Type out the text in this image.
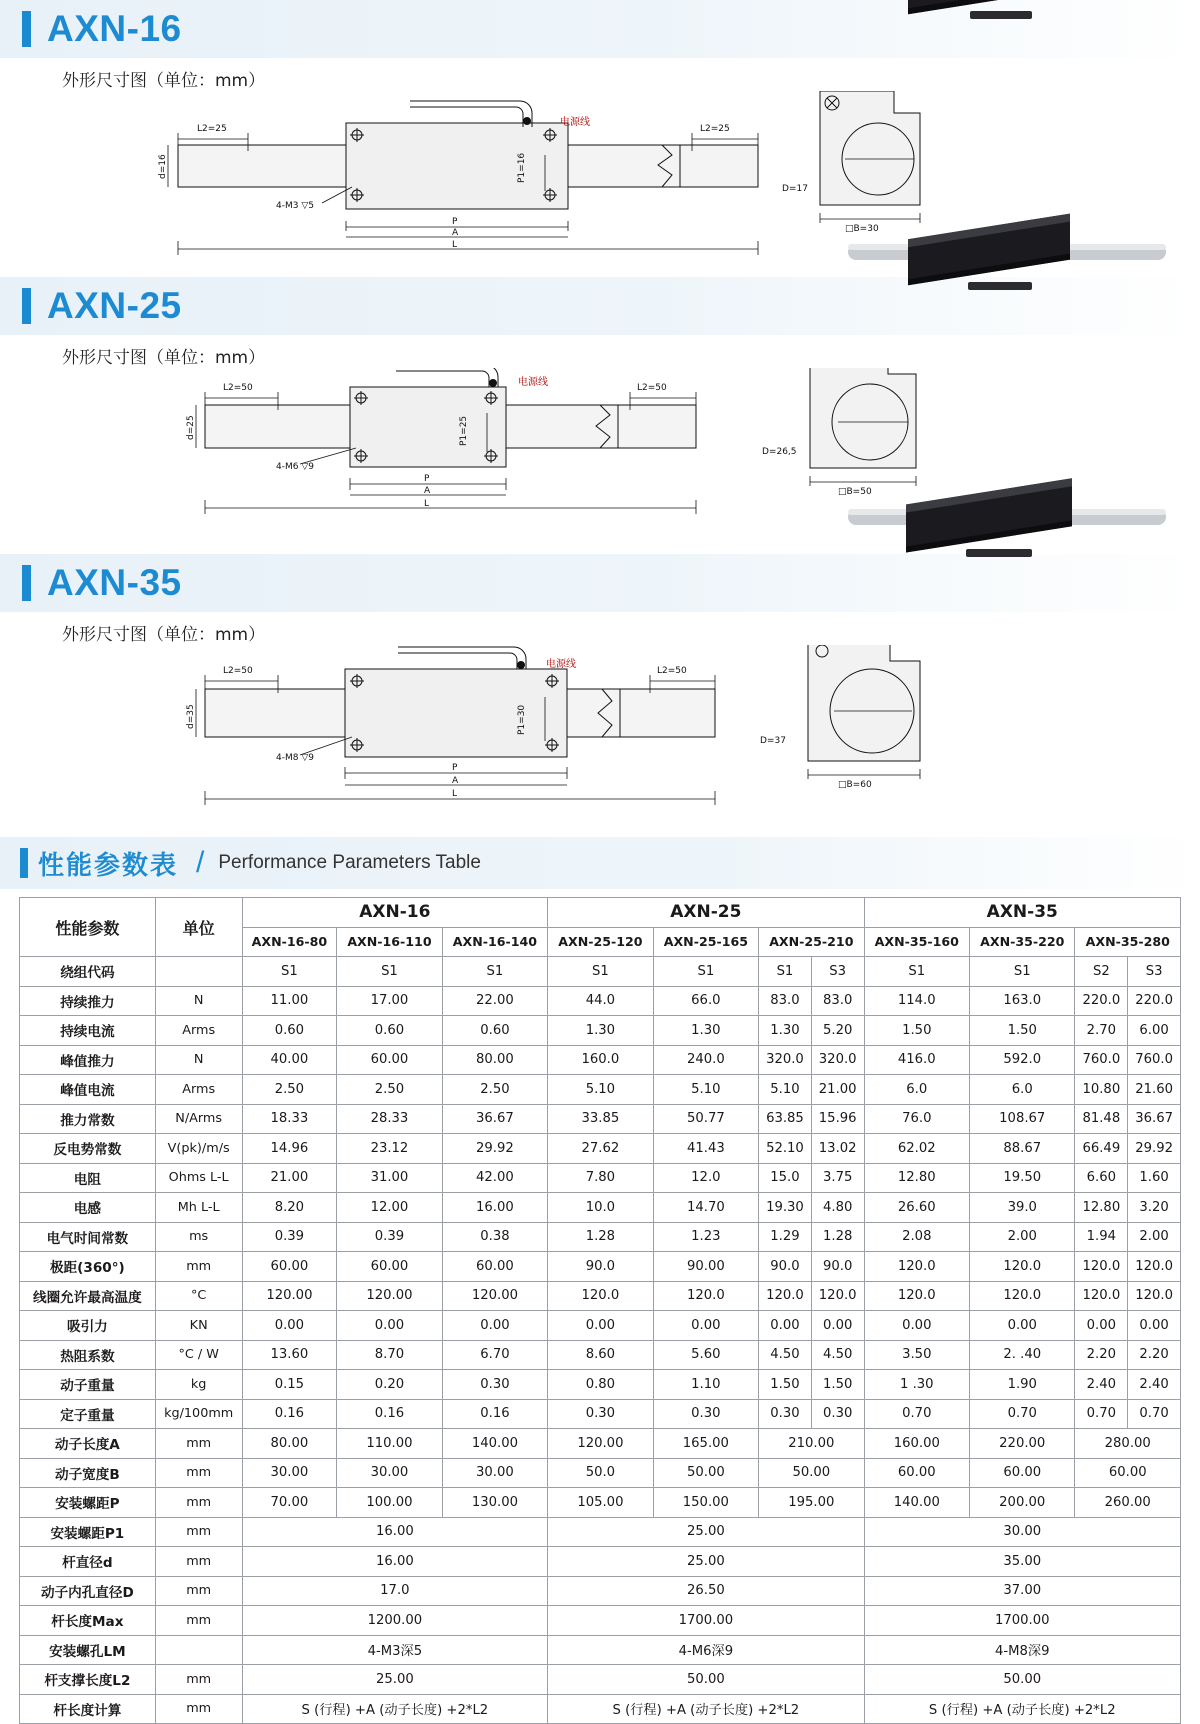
AXN-16
外形尺寸图（单位：mm）
L2=25	L2=25
d=16	P1=16
4-M3 ▽5
P
A
L
电源线
D=17
□B=30
AXN-25
外形尺寸图（单位：mm）
L2=50	L2=50
d=25	P1=25
4-M6 ▽9
P
A
L
电源线
D=26,5
□B=50
AXN-35
外形尺寸图（单位：mm）
L2=50	L2=50
d=35	P1=30
4-M8 ▽9
P
A
L
电源线
D=37
□B=60
性能参数表 / Performance Parameters Table
性能参数	单位	AXN-16			AXN-25				AXN-35			
		AXN-16-80	AXN-16-110	AXN-16-140	AXN-25-120	AXN-25-165	AXN-25-210		AXN-35-160	AXN-35-220	AXN-35-280	
绕组代码		S1	S1	S1	S1	S1	S1	S3	S1	S1	S2	S3
持续推力	N	11.00	17.00	22.00	44.0	66.0	83.0	83.0	114.0	163.0	220.0	220.0
持续电流	Arms	0.60	0.60	0.60	1.30	1.30	1.30	5.20	1.50	1.50	2.70	6.00
峰值推力	N	40.00	60.00	80.00	160.0	240.0	320.0	320.0	416.0	592.0	760.0	760.0
峰值电流	Arms	2.50	2.50	2.50	5.10	5.10	5.10	21.00	6.0	6.0	10.80	21.60
推力常数	N/Arms	18.33	28.33	36.67	33.85	50.77	63.85	15.96	76.0	108.67	81.48	36.67
反电势常数	V(pk)/m/s	14.96	23.12	29.92	27.62	41.43	52.10	13.02	62.02	88.67	66.49	29.92
电阻	Ohms L-L	21.00	31.00	42.00	7.80	12.0	15.0	3.75	12.80	19.50	6.60	1.60
电感	Mh L-L	8.20	12.00	16.00	10.0	14.70	19.30	4.80	26.60	39.0	12.80	3.20
电气时间常数	ms	0.39	0.39	0.38	1.28	1.23	1.29	1.28	2.08	2.00	1.94	2.00
极距(360°)	mm	60.00	60.00	60.00	90.0	90.00	90.0	90.0	120.0	120.0	120.0	120.0
线圈允许最高温度	°C	120.00	120.00	120.00	120.0	120.0	120.0	120.0	120.0	120.0	120.0	120.0
吸引力	KN	0.00	0.00	0.00	0.00	0.00	0.00	0.00	0.00	0.00	0.00	0.00
热阻系数	°C / W	13.60	8.70	6.70	8.60	5.60	4.50	4.50	3.50	2. .40	2.20	2.20
动子重量	kg	0.15	0.20	0.30	0.80	1.10	1.50	1.50	1 .30	1.90	2.40	2.40
定子重量	kg/100mm	0.16	0.16	0.16	0.30	0.30	0.30	0.30	0.70	0.70	0.70	0.70
动子长度A	mm	80.00	110.00	140.00	120.00	165.00	210.00		160.00	220.00	280.00	
动子宽度B	mm	30.00	30.00	30.00	50.0	50.00	50.00		60.00	60.00	60.00	
安装螺距P	mm	70.00	100.00	130.00	105.00	150.00	195.00		140.00	200.00	260.00	
安装螺距P1	mm	16.00			25.00				30.00			
杆直径d	mm	16.00			25.00				35.00			
动子内孔直径D	mm	17.0			26.50				37.00			
杆长度Max	mm	1200.00			1700.00				1700.00			
安装螺孔LM		4-M3深5			4-M6深9				4-M8深9			
杆支撑长度L2	mm	25.00			50.00				50.00			
杆长度计算	mm	S (行程) +A (动子长度) +2*L2			S (行程) +A (动子长度) +2*L2				S (行程) +A (动子长度) +2*L2			
